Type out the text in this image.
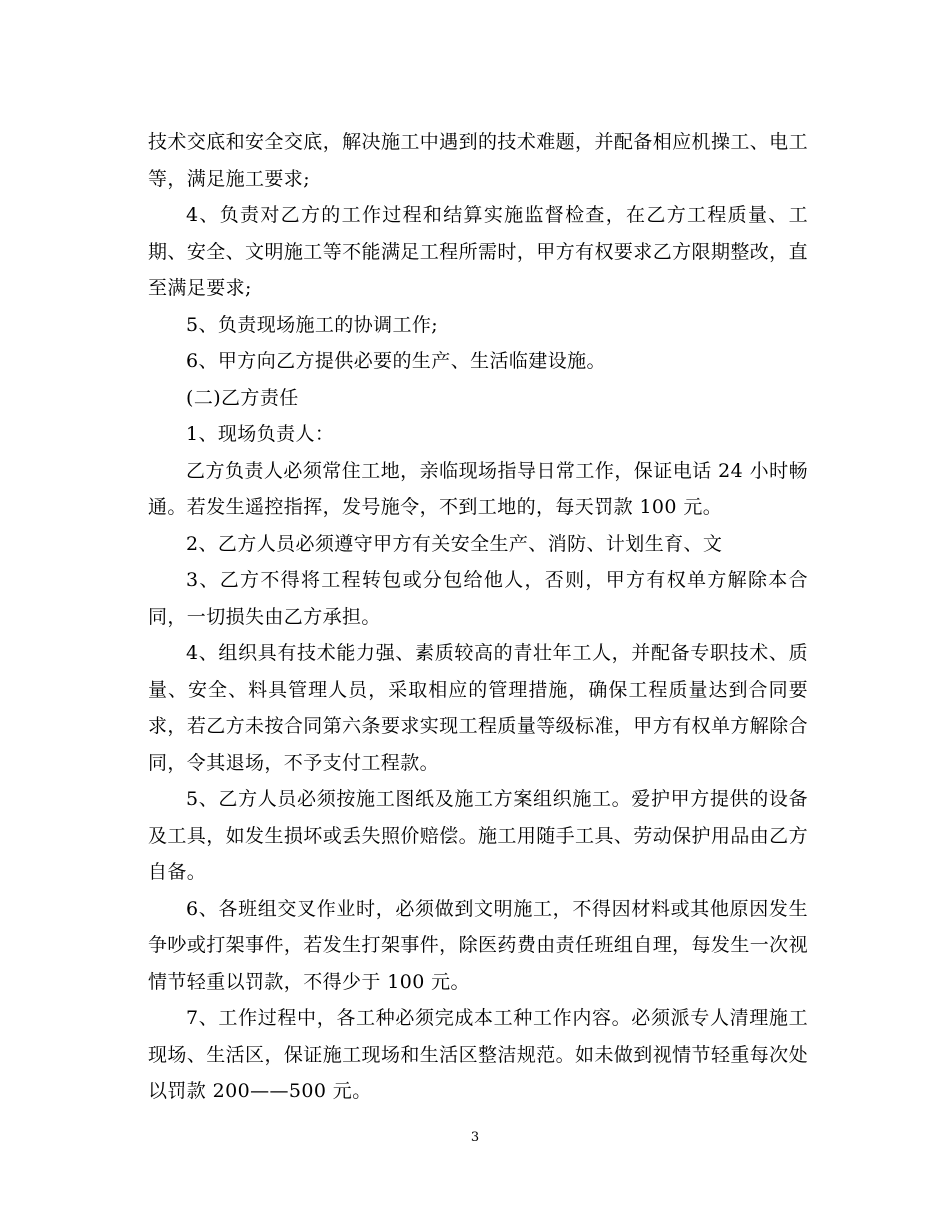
技术交底和安全交底，解决施工中遇到的技术难题，并配备相应机操工、电工等，满足施工要求;

4、负责对乙方的工作过程和结算实施监督检查，在乙方工程质量、工期、安全、文明施工等不能满足工程所需时，甲方有权要求乙方限期整改，直至满足要求;

5、负责现场施工的协调工作;

6、甲方向乙方提供必要的生产、生活临建设施。

(二)乙方责任

1、现场负责人：

乙方负责人必须常住工地，亲临现场指导日常工作，保证电话 24 小时畅通。若发生遥控指挥，发号施令，不到工地的，每天罚款 100 元。

2、乙方人员必须遵守甲方有关安全生产、消防、计划生育、文

3、乙方不得将工程转包或分包给他人，否则，甲方有权单方解除本合同，一切损失由乙方承担。

4、组织具有技术能力强、素质较高的青壮年工人，并配备专职技术、质量、安全、料具管理人员，采取相应的管理措施，确保工程质量达到合同要求，若乙方未按合同第六条要求实现工程质量等级标准，甲方有权单方解除合同，令其退场，不予支付工程款。

5、乙方人员必须按施工图纸及施工方案组织施工。爱护甲方提供的设备及工具，如发生损坏或丢失照价赔偿。施工用随手工具、劳动保护用品由乙方自备。

6、各班组交叉作业时，必须做到文明施工，不得因材料或其他原因发生争吵或打架事件，若发生打架事件，除医药费由责任班组自理，每发生一次视情节轻重以罚款，不得少于 100 元。

7、工作过程中，各工种必须完成本工种工作内容。必须派专人清理施工现场、生活区，保证施工现场和生活区整洁规范。如未做到视情节轻重每次处以罚款 200——500 元。

3
